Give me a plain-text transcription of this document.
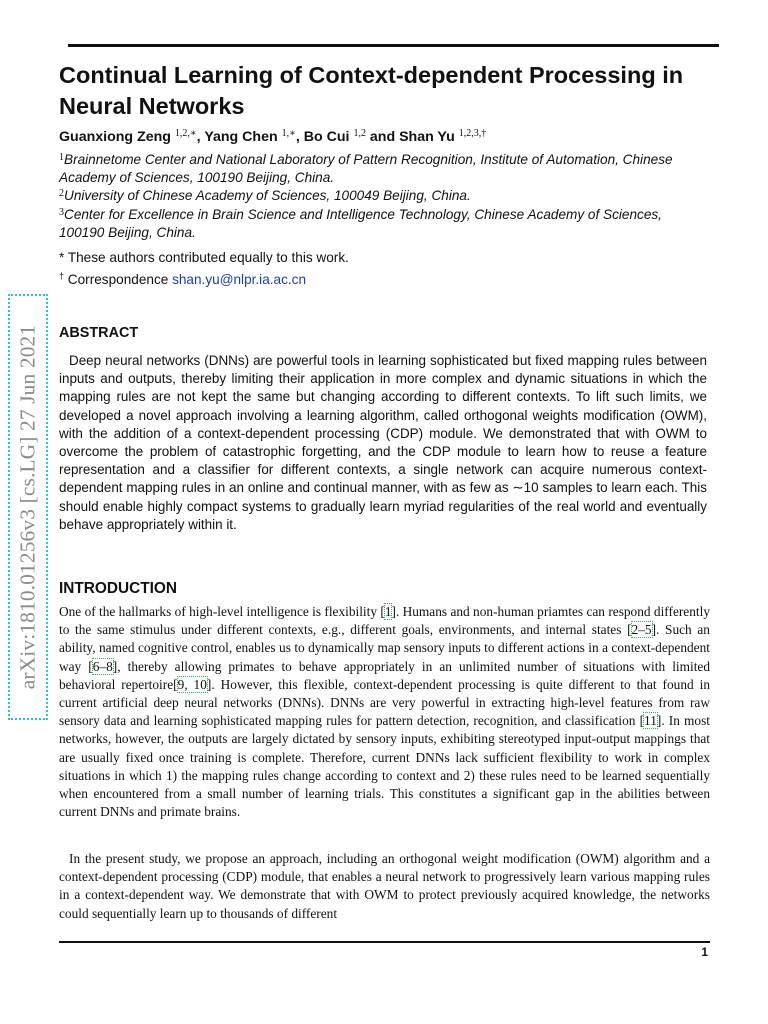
arXiv:1810.01256v3 [cs.LG] 27 Jun 2021
Continual Learning of Context-dependent Processing in Neural Networks
Guanxiong Zeng $^{1,2,∗}$, Yang Chen $^{1,∗}$, Bo Cui $^{1,2}$ and Shan Yu $^{1,2,3,\dagger}$
$^1$Brainnetome Center and National Laboratory of Pattern Recognition, Institute of Automation, Chinese Academy of Sciences, 100190 Beijing, China.
$^2$University of Chinese Academy of Sciences, 100049 Beijing, China.
$^3$Center for Excellence in Brain Science and Intelligence Technology, Chinese Academy of Sciences, 100190 Beijing, China.
* These authors contributed equally to this work.
† Correspondence shan.yu@nlpr.ia.ac.cn
ABSTRACT

Deep neural networks (DNNs) are powerful tools in learning sophisticated but fixed mapping rules between inputs and outputs, thereby limiting their application in more complex and dynamic situations in which the mapping rules are not kept the same but changing according to different contexts. To lift such limits, we developed a novel approach involving a learning algorithm, called orthogonal weights modification (OWM), with the addition of a context-dependent processing (CDP) module. We demonstrated that with OWM to overcome the problem of catastrophic forgetting, and the CDP module to learn how to reuse a feature representation and a classifier for different contexts, a single network can acquire numerous context-dependent mapping rules in an online and continual manner, with as few as ∼10 samples to learn each. This should enable highly compact systems to gradually learn myriad regularities of the real world and eventually behave appropriately within it.

INTRODUCTION

One of the hallmarks of high-level intelligence is flexibility [1]. Humans and non-human priamtes can respond differently to the same stimulus under different contexts, e.g., different goals, environments, and internal states [2–5]. Such an ability, named cognitive control, enables us to dynamically map sensory inputs to different actions in a context-dependent way [6–8], thereby allowing primates to behave appropriately in an unlimited number of situations with limited behavioral repertoire[9, 10]. However, this flexible, context-dependent processing is quite different to that found in current artificial deep neural networks (DNNs). DNNs are very powerful in extracting high-level features from raw sensory data and learning sophisticated mapping rules for pattern detection, recognition, and classification [11]. In most networks, however, the outputs are largely dictated by sensory inputs, exhibiting stereotyped input-output mappings that are usually fixed once training is complete. Therefore, current DNNs lack sufficient flexibility to work in complex situations in which 1) the mapping rules change according to context and 2) these rules need to be learned sequentially when encountered from a small number of learning trials. This constitutes a significant gap in the abilities between current DNNs and primate brains.

In the present study, we propose an approach, including an orthogonal weight modification (OWM) algorithm and a context-dependent processing (CDP) module, that enables a neural network to progressively learn various mapping rules in a context-dependent way. We demonstrate that with OWM to protect previously acquired knowledge, the networks could sequentially learn up to thousands of different

1
